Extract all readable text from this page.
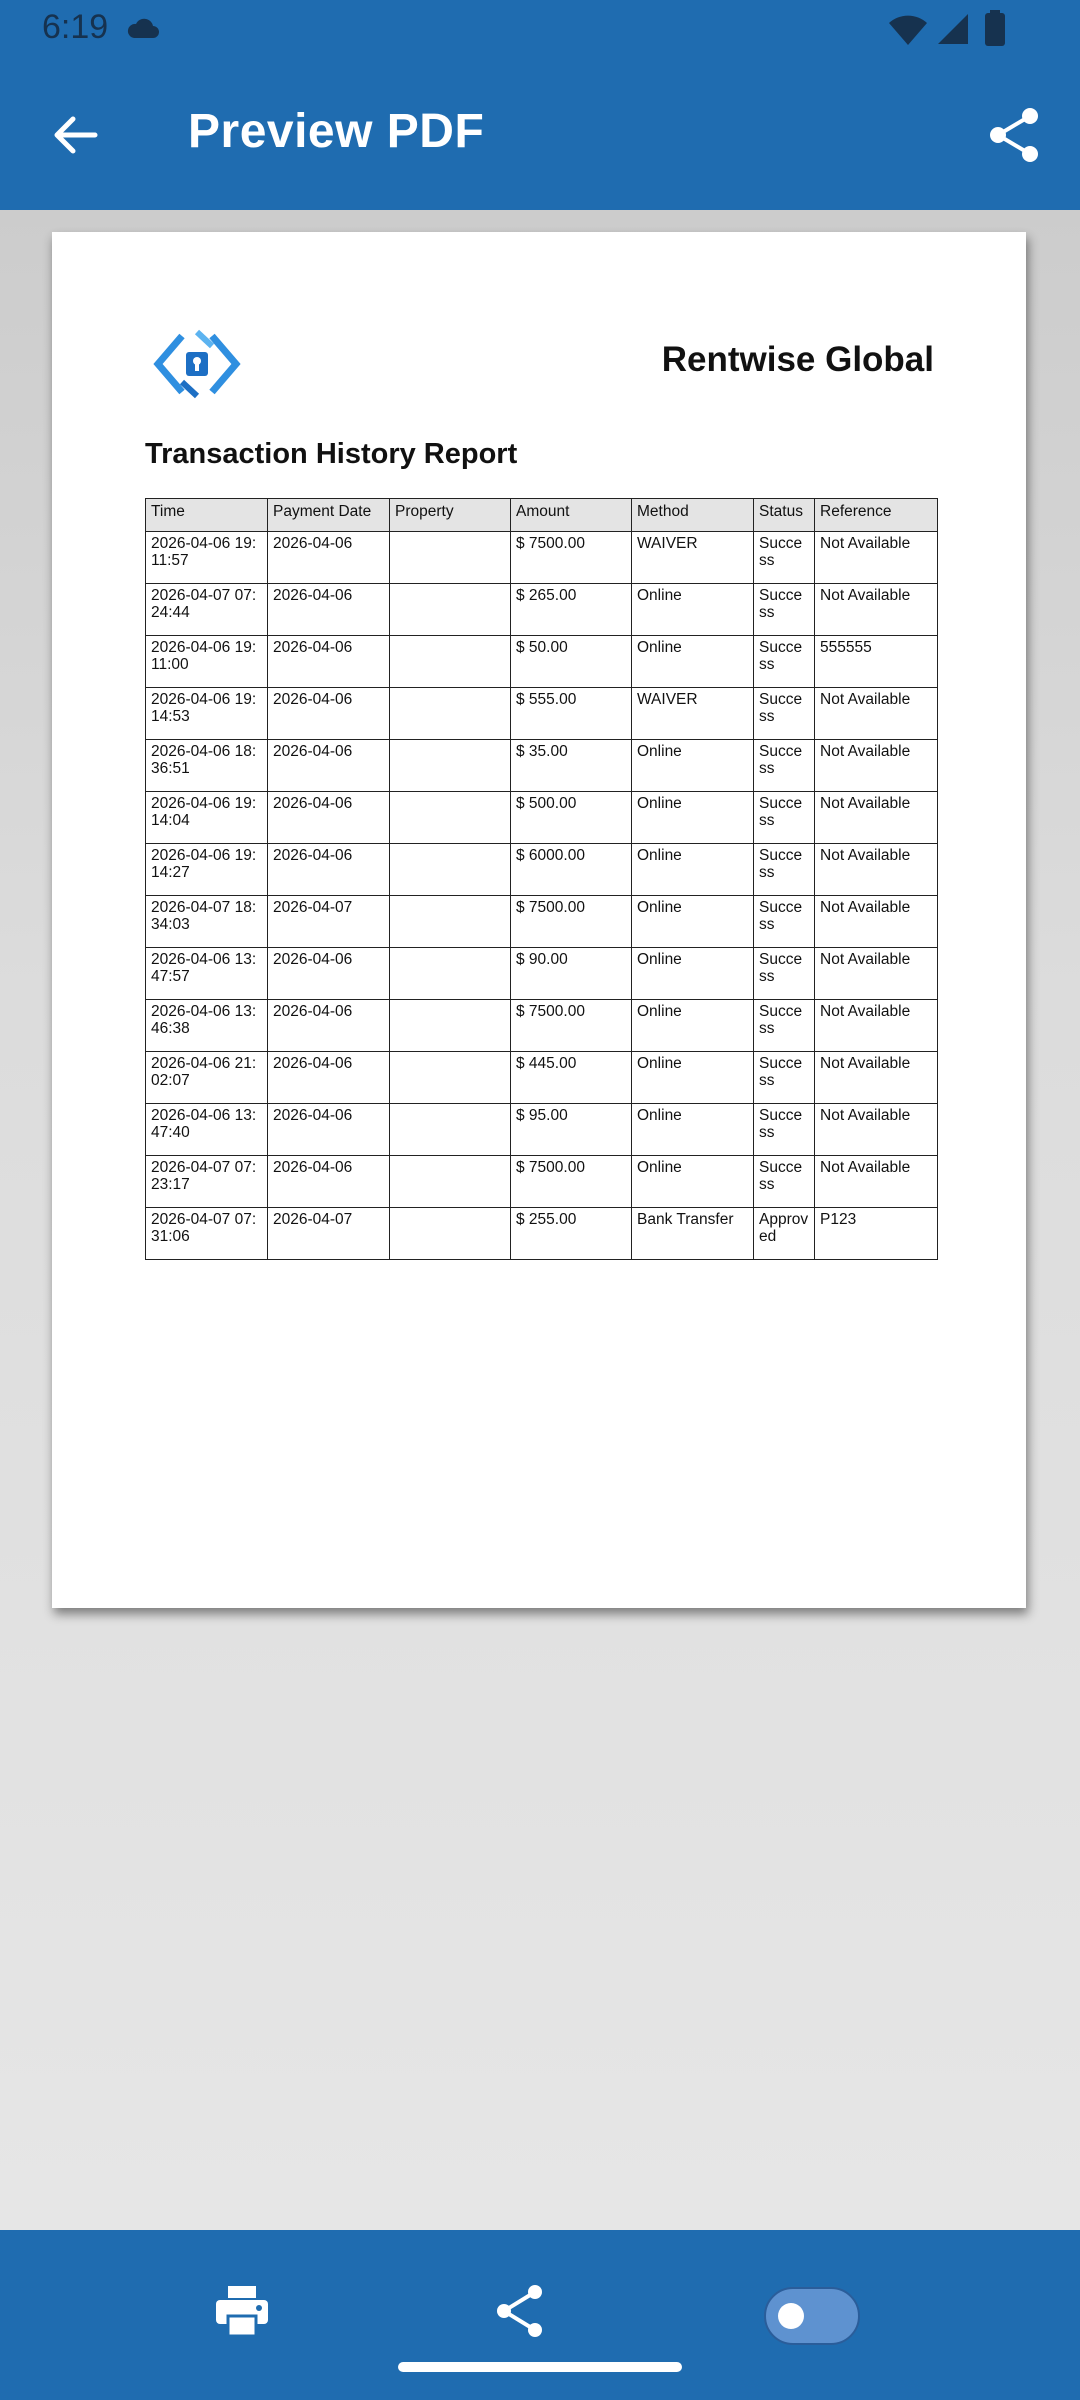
6:19
Preview PDF
Rentwise Global
Transaction History Report
Time	Payment Date	Property	Amount	Method	Status	Reference
2026-04-06 19:11:57	2026-04-06		$ 7500.00	WAIVER	Success	Not Available
2026-04-07 07:24:44	2026-04-06		$ 265.00	Online	Success	Not Available
2026-04-06 19:11:00	2026-04-06		$ 50.00	Online	Success	555555
2026-04-06 19:14:53	2026-04-06		$ 555.00	WAIVER	Success	Not Available
2026-04-06 18:36:51	2026-04-06		$ 35.00	Online	Success	Not Available
2026-04-06 19:14:04	2026-04-06		$ 500.00	Online	Success	Not Available
2026-04-06 19:14:27	2026-04-06		$ 6000.00	Online	Success	Not Available
2026-04-07 18:34:03	2026-04-07		$ 7500.00	Online	Success	Not Available
2026-04-06 13:47:57	2026-04-06		$ 90.00	Online	Success	Not Available
2026-04-06 13:46:38	2026-04-06		$ 7500.00	Online	Success	Not Available
2026-04-06 21:02:07	2026-04-06		$ 445.00	Online	Success	Not Available
2026-04-06 13:47:40	2026-04-06		$ 95.00	Online	Success	Not Available
2026-04-07 07:23:17	2026-04-06		$ 7500.00	Online	Success	Not Available
2026-04-07 07:31:06	2026-04-07		$ 255.00	Bank Transfer	Approved	P123
